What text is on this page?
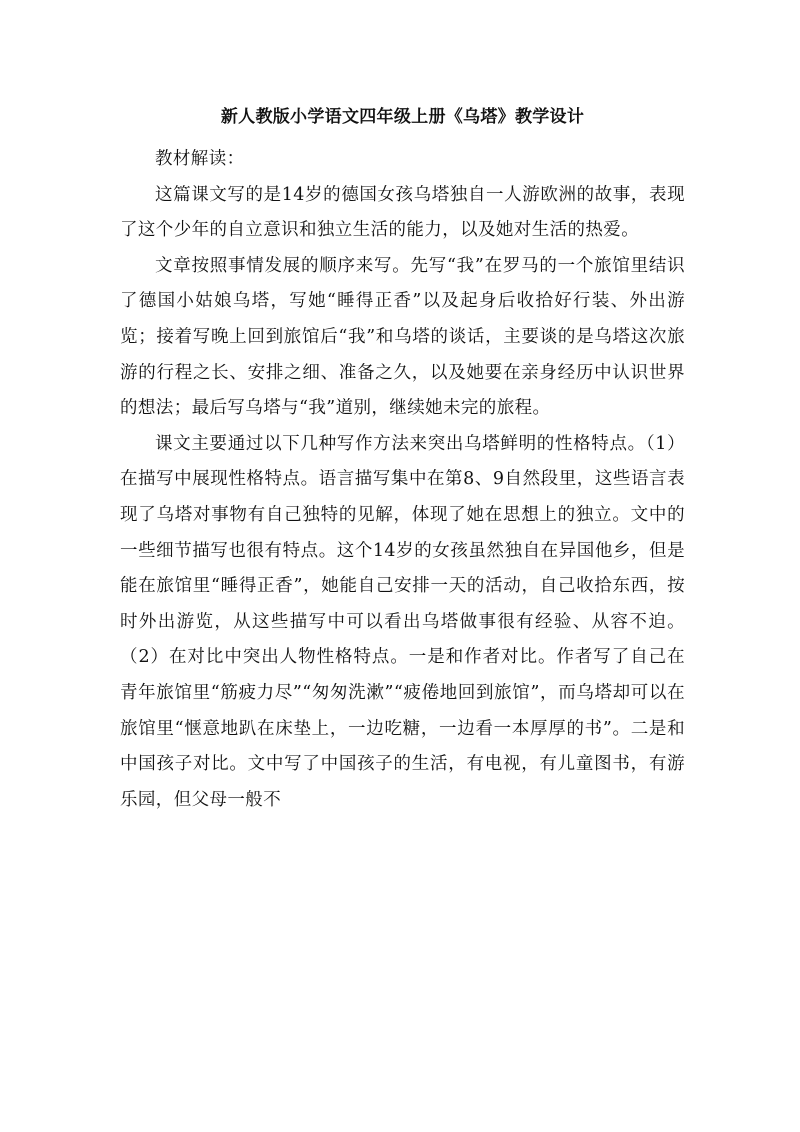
新人教版小学语文四年级上册《乌塔》教学设计

教材解读：

这篇课文写的是14岁的德国女孩乌塔独自一人游欧洲的故事，表现了这个少年的自立意识和独立生活的能力，以及她对生活的热爱。

文章按照事情发展的顺序来写。先写“我”在罗马的一个旅馆里结识了德国小姑娘乌塔，写她“睡得正香”以及起身后收拾好行装、外出游览；接着写晚上回到旅馆后“我”和乌塔的谈话，主要谈的是乌塔这次旅游的行程之长、安排之细、准备之久，以及她要在亲身经历中认识世界的想法；最后写乌塔与“我”道别，继续她未完的旅程。

课文主要通过以下几种写作方法来突出乌塔鲜明的性格特点。（1）在描写中展现性格特点。语言描写集中在第8、9自然段里，这些语言表现了乌塔对事物有自己独特的见解，体现了她在思想上的独立。文中的一些细节描写也很有特点。这个14岁的女孩虽然独自在异国他乡，但是能在旅馆里“睡得正香”，她能自己安排一天的活动，自己收拾东西，按时外出游览，从这些描写中可以看出乌塔做事很有经验、从容不迫。（2）在对比中突出人物性格特点。一是和作者对比。作者写了自己在青年旅馆里“筋疲力尽”“匆匆洗漱”“疲倦地回到旅馆”，而乌塔却可以在旅馆里“惬意地趴在床垫上，一边吃糖，一边看一本厚厚的书”。二是和中国孩子对比。文中写了中国孩子的生活，有电视，有儿童图书，有游乐园，但父母一般不
